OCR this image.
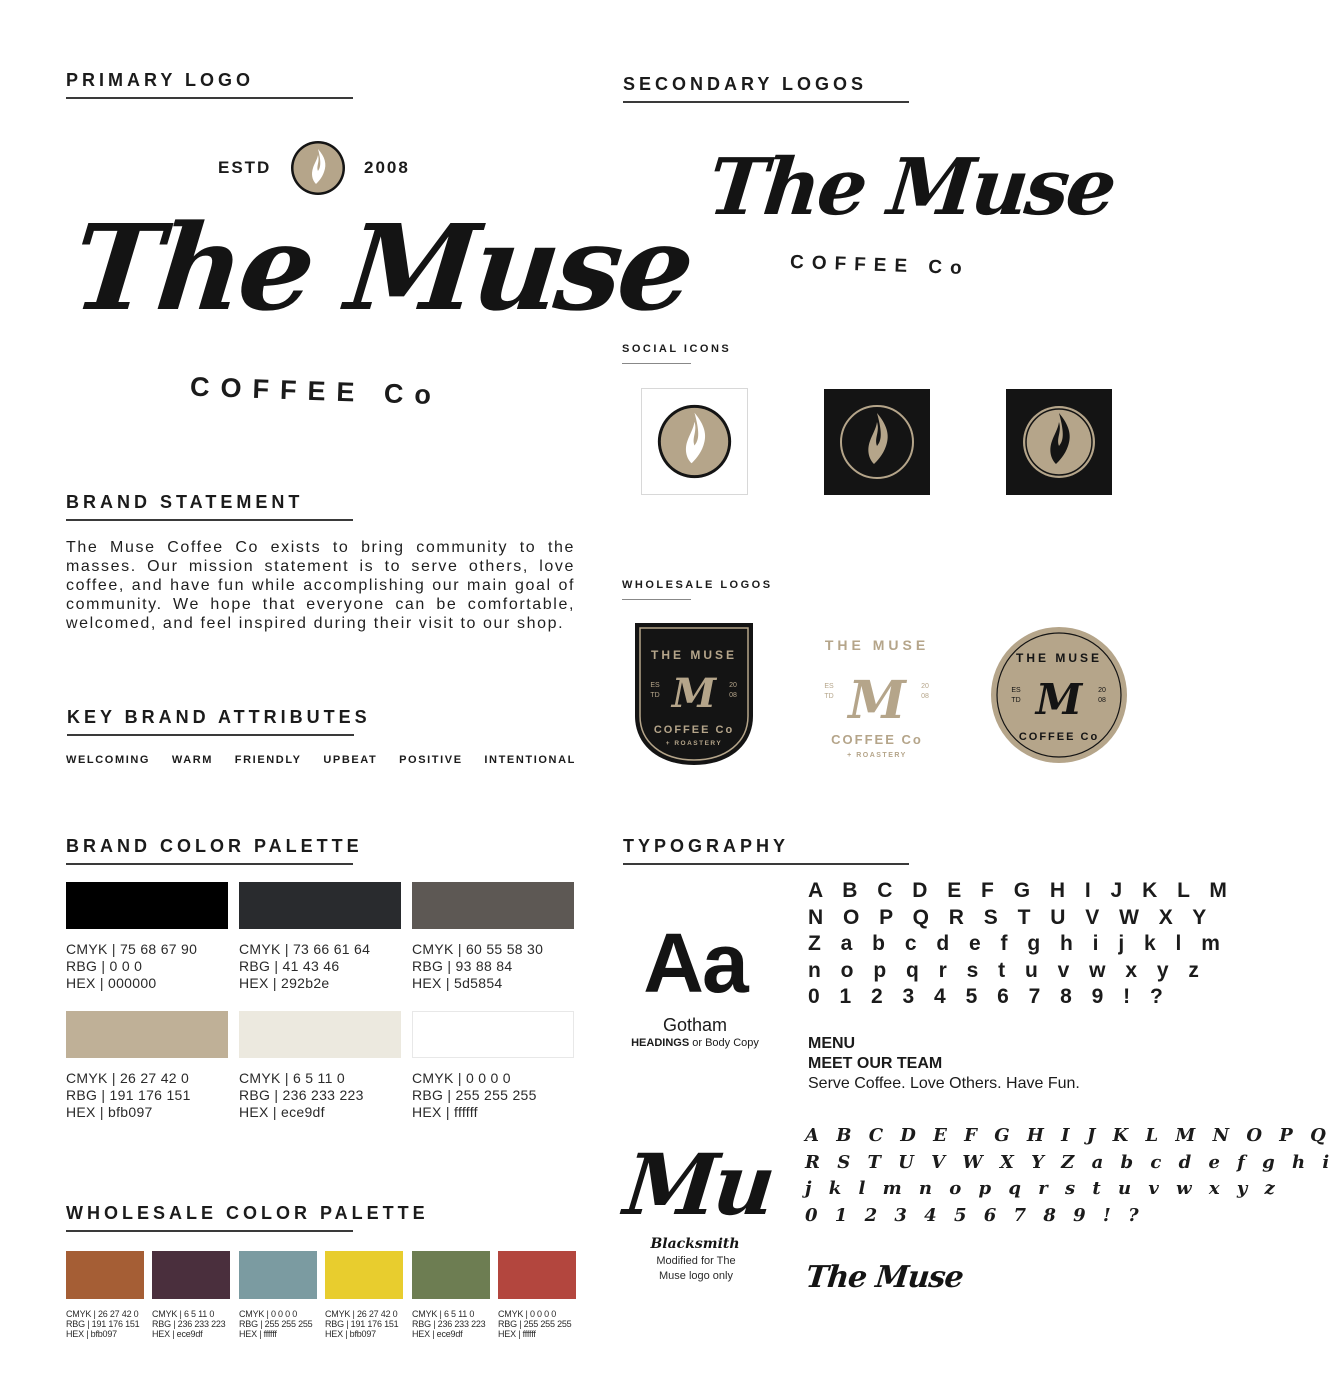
PRIMARY LOGO
ESTD	2008
The Muse
COFFEE Co
SECONDARY LOGOS
The Muse
COFFEE Co
SOCIAL ICONS
WHOLESALE LOGOS
THE MUSE
M
ES
TD
20
08
COFFEE Co
+ ROASTERY
THE MUSE
M
ES
TD
20
08
COFFEE Co
+ ROASTERY
THE MUSE
M
ES
TD
20
08
COFFEE Co
BRAND STATEMENT
The Muse Coffee Co exists to bring community to the masses. Our mission statement is to serve others, love coffee, and have fun while accomplishing our main goal of community. We hope that everyone can be comfortable, welcomed, and feel inspired during their visit to our shop.
KEY BRAND ATTRIBUTES
WELCOMING WARM FRIENDLY UPBEAT POSITIVE INTENTIONAL
BRAND COLOR PALETTE
CMYK | 75 68 67 90
RBG | 0 0 0
HEX | 000000
CMYK | 73 66 61 64
RBG | 41 43 46
HEX | 292b2e
CMYK | 60 55 58 30
RBG | 93 88 84
HEX | 5d5854
CMYK | 26 27 42 0
RBG | 191 176 151
HEX | bfb097
CMYK | 6 5 11 0
RBG | 236 233 223
HEX | ece9df
CMYK | 0 0 0 0
RBG | 255 255 255
HEX | ffffff
WHOLESALE COLOR PALETTE
CMYK | 26 27 42 0
RBG | 191 176 151
HEX | bfb097
CMYK | 6 5 11 0
RBG | 236 233 223
HEX | ece9df
CMYK | 0 0 0 0
RBG | 255 255 255
HEX | ffffff
CMYK | 26 27 42 0
RBG | 191 176 151
HEX | bfb097
CMYK | 6 5 11 0
RBG | 236 233 223
HEX | ece9df
CMYK | 0 0 0 0
RBG | 255 255 255
HEX | ffffff
TYPOGRAPHY
Aa
Gotham
HEADINGS or Body Copy
A B C D E F G H I J K L M
N O P Q R S T U V W X Y
Z a b c d e f g h i j k l m
n o p q r s t u v w x y z
0 1 2 3 4 5 6 7 8 9 ! ?
MENU
MEET OUR TEAM
Serve Coffee. Love Others. Have Fun.
Mu
Blacksmith
Modified for The Muse logo only
A B C D E F G H I J K L M N O P Q
R S T U V W X Y Z a b c d e f g h i
j k l m n o p q r s t u v w x y z
0 1 2 3 4 5 6 7 8 9 ! ?
The Muse
